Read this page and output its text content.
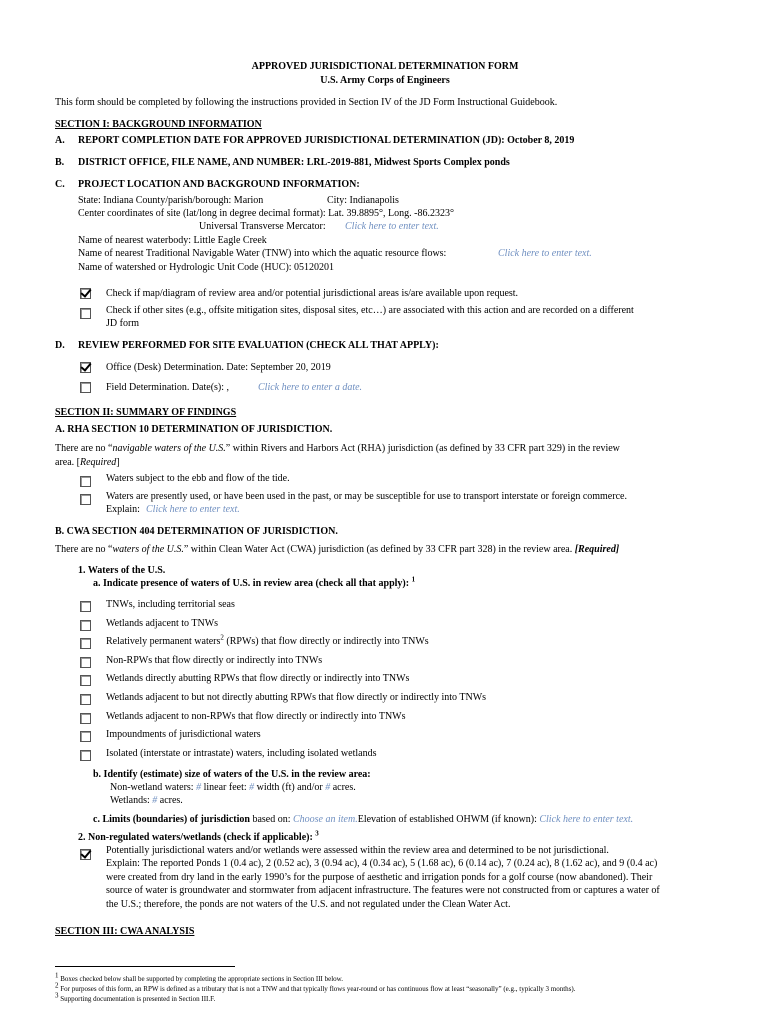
APPROVED JURISDICTIONAL DETERMINATION FORM
U.S. Army Corps of Engineers
This form should be completed by following the instructions provided in Section IV of the JD Form Instructional Guidebook.
SECTION I: BACKGROUND INFORMATION
A. REPORT COMPLETION DATE FOR APPROVED JURISDICTIONAL DETERMINATION (JD): October 8, 2019
B. DISTRICT OFFICE, FILE NAME, AND NUMBER: LRL-2019-881, Midwest Sports Complex ponds
C. PROJECT LOCATION AND BACKGROUND INFORMATION:
State: Indiana County/parish/borough: Marion	City: Indianapolis
Center coordinates of site (lat/long in degree decimal format): Lat. 39.8895°, Long. -86.2323°
Universal Transverse Mercator: Click here to enter text.
Name of nearest waterbody: Little Eagle Creek
Name of nearest Traditional Navigable Water (TNW) into which the aquatic resource flows:	Click here to enter text.
Name of watershed or Hydrologic Unit Code (HUC): 05120201
Check if map/diagram of review area and/or potential jurisdictional areas is/are available upon request.
Check if other sites (e.g., offsite mitigation sites, disposal sites, etc…) are associated with this action and are recorded on a different
JD form
D. REVIEW PERFORMED FOR SITE EVALUATION (CHECK ALL THAT APPLY):
Office (Desk) Determination. Date: September 20, 2019
Field Determination. Date(s): ,	Click here to enter a date.
SECTION II: SUMMARY OF FINDINGS
A. RHA SECTION 10 DETERMINATION OF JURISDICTION.
There are no “navigable waters of the U.S.” within Rivers and Harbors Act (RHA) jurisdiction (as defined by 33 CFR part 329) in the review
area. [Required]
Waters subject to the ebb and flow of the tide.
Waters are presently used, or have been used in the past, or may be susceptible for use to transport interstate or foreign commerce.
Explain: Click here to enter text.
B. CWA SECTION 404 DETERMINATION OF JURISDICTION.
There are no “waters of the U.S.” within Clean Water Act (CWA) jurisdiction (as defined by 33 CFR part 328) in the review area. [Required]
1. Waters of the U.S.
a. Indicate presence of waters of U.S. in review area (check all that apply): $^1$
TNWs, including territorial seas
Wetlands adjacent to TNWs
Relatively permanent waters$^2$ (RPWs) that flow directly or indirectly into TNWs
Non-RPWs that flow directly or indirectly into TNWs
Wetlands directly abutting RPWs that flow directly or indirectly into TNWs
Wetlands adjacent to but not directly abutting RPWs that flow directly or indirectly into TNWs
Wetlands adjacent to non-RPWs that flow directly or indirectly into TNWs
Impoundments of jurisdictional waters
Isolated (interstate or intrastate) waters, including isolated wetlands
b. Identify (estimate) size of waters of the U.S. in the review area:
Non-wetland waters: # linear feet: # width (ft) and/or # acres.
Wetlands: # acres.
c. Limits (boundaries) of jurisdiction based on: Choose an item.Elevation of established OHWM (if known): Click here to enter text.
2. Non-regulated waters/wetlands (check if applicable): $^3$
Potentially jurisdictional waters and/or wetlands were assessed within the review area and determined to be not jurisdictional.
Explain: The reported Ponds 1 (0.4 ac), 2 (0.52 ac), 3 (0.94 ac), 4 (0.34 ac), 5 (1.68 ac), 6 (0.14 ac), 7 (0.24 ac), 8 (1.62 ac), and 9 (0.4 ac)
were created from dry land in the early 1990’s for the purpose of aesthetic and irrigation ponds for a golf course (now abandoned). Their
source of water is groundwater and stormwater from adjacent infrastructure. The features were not constructed from or captures a water of
the U.S.; therefore, the ponds are not waters of the U.S. and not regulated under the Clean Water Act.
SECTION III: CWA ANALYSIS
1 Boxes checked below shall be supported by completing the appropriate sections in Section III below.
2 For purposes of this form, an RPW is defined as a tributary that is not a TNW and that typically flows year-round or has continuous flow at least “seasonally” (e.g., typically 3 months).
3 Supporting documentation is presented in Section III.F.
